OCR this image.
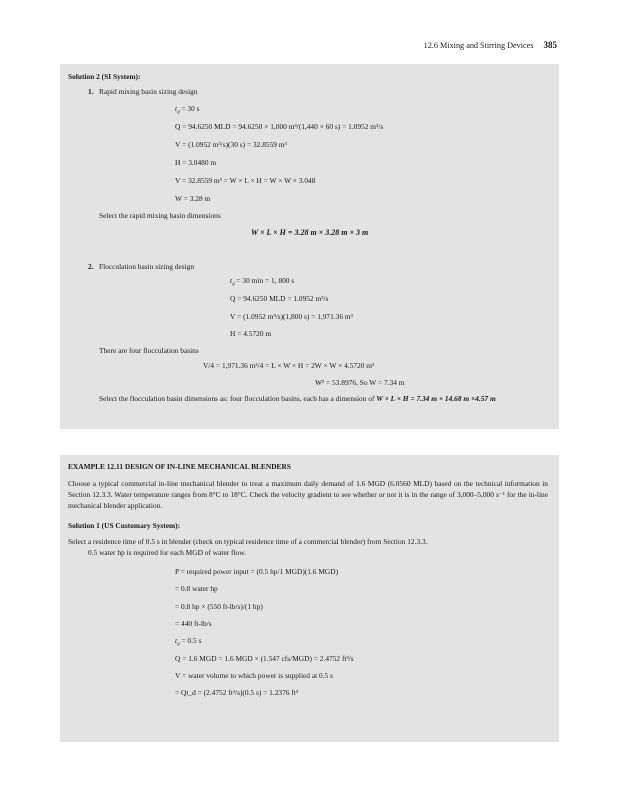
12.6 Mixing and Stirring Devices 385
Solution 2 (SI System):
1. Rapid mixing basin sizing design
$t_d = 30$ s
Q = 94.6250 MLD = 94.6250 × 1,000 m³/(1,440 × 60 s) = 1.0952 m³/s
V = (1.0952 m³/s)(30 s) = 32.8559 m³
H = 3.0480 m
V = 32.8559 m³ = W × L × H = W × W × 3.048
W = 3.28 m
Select the rapid mixing basin dimensions
W × L × H = 3.28 m × 3.28 m × 3 m
2. Flocculation basin sizing design
$t_d = 30$ min = 1, 800 s
Q = 94.6250 MLD = 1.0952 m³/s
V = (1.0952 m³/s)(1,800 s) = 1,971.36 m³
H = 4.5720 m
There are four flocculation basins
V/4 = 1,971.36 m³/4 = L × W × H = 2W × W × 4.5720 m³
W² = 53.8976, So W = 7.34 m
Select the flocculation basin dimensions as: four flocculation basins, each has a dimension of W × L × H = 7.34 m × 14.68 m ×4.57 m
EXAMPLE 12.11 DESIGN OF IN-LINE MECHANICAL BLENDERS
Choose a typical commercial in-line mechanical blender to treat a maximum daily demand of 1.6 MGD (6.0560 MLD) based on the technical information in Section 12.3.3. Water temperature ranges from 8°C to 18°C. Check the velocity gradient to see whether or not it is in the range of 3,000–5,000 s⁻¹ for the in-line mechanical blender application.
Solution 1 (US Customary System):
Select a residence time of 0.5 s in blender (check on typical residence time of a commercial blender) from Section 12.3.3.
0.5 water hp is required for each MGD of water flow.
P = required power input = (0.5 hp/1 MGD)(1.6 MGD)
= 0.8 water hp
= 0.8 hp × (550 ft-lb/s)/(1 hp)
= 440 ft-lb/s
$t_d = 0.5$ s
Q = 1.6 MGD = 1.6 MGD × (1.547 cfs/MGD) = 2.4752 ft³/s
V = water volume to which power is supplied at 0.5 s
= Qt_d = (2.4752 ft³/s)(0.5 s) = 1.2376 ft³
